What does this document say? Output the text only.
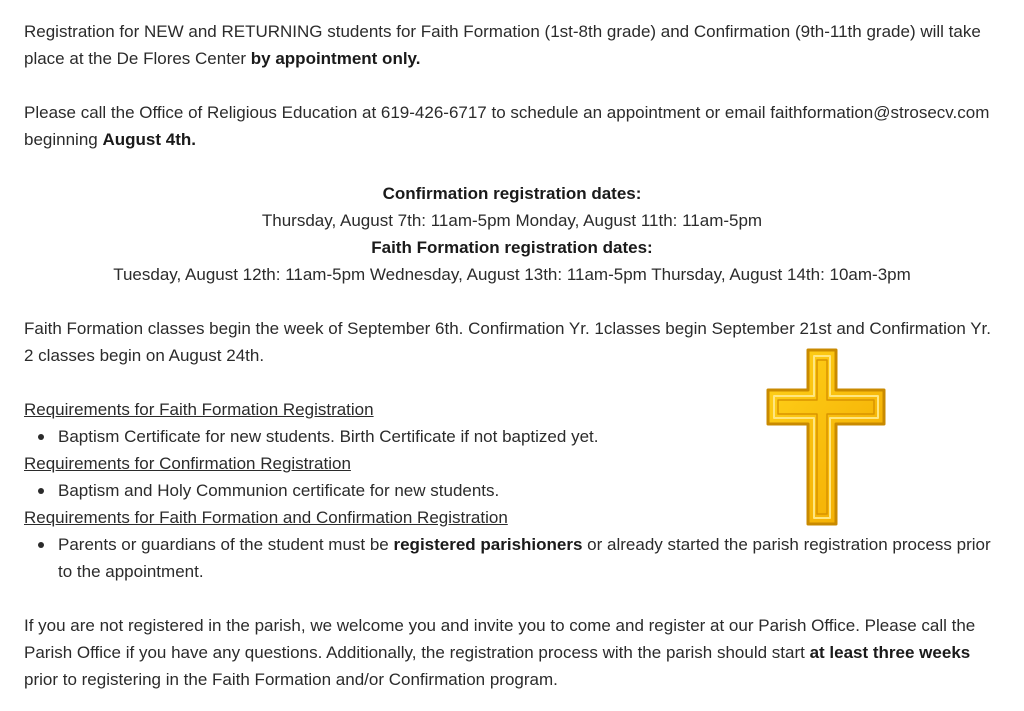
Registration for NEW and RETURNING students for Faith Formation (1st-8th grade) and Confirmation (9th-11th grade) will take place at the De Flores Center by appointment only.

Please call the Office of Religious Education at 619-426-6717 to schedule an appointment or email faithformation@strosecv.com beginning August 4th.

Confirmation registration dates:

Thursday, August 7th: 11am-5pm Monday, August 11th: 11am-5pm

Faith Formation registration dates:

Tuesday, August 12th: 11am-5pm Wednesday, August 13th: 11am-5pm Thursday, August 14th: 10am-3pm

Faith Formation classes begin the week of September 6th. Confirmation Yr. 1classes begin September 21st and Confirmation Yr. 2 classes begin on August 24th.

Requirements for Faith Formation Registration

Baptism Certificate for new students. Birth Certificate if not baptized yet.

Requirements for Confirmation Registration

Baptism and Holy Communion certificate for new students.

Requirements for Faith Formation and Confirmation Registration

Parents or guardians of the student must be registered parishioners or already started the parish registration process prior to the appointment.

If you are not registered in the parish, we welcome you and invite you to come and register at our Parish Office. Please call the Parish Office if you have any questions. Additionally, the registration process with the parish should start at least three weeks prior to registering in the Faith Formation and/or Confirmation program.
